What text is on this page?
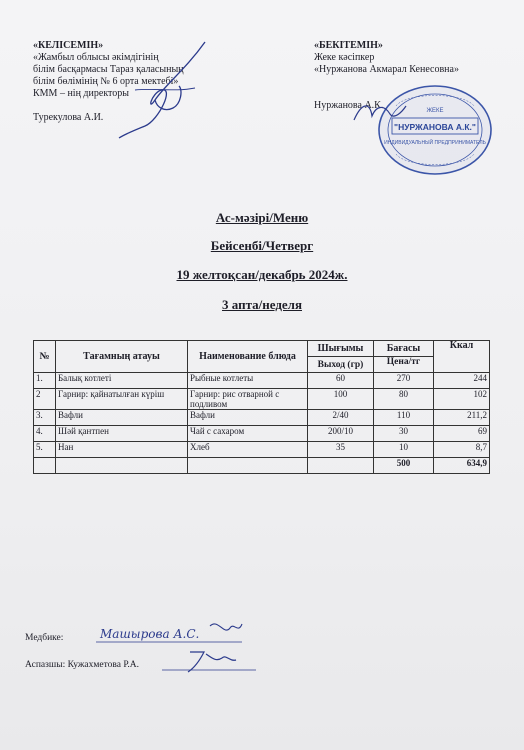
«КЕЛІСЕМІН»
«Жамбыл облысы әкімдігінің
білім басқармасы Тараз қаласының
білім бөлімінің № 6 орта мектебі»
КММ – нің директоры
Турекулова А.И.
«БЕКІТЕМІН»
Жеке кәсіпкер
«Нуржанова Акмарал Кенесовна»
Нуржанова А.К.	ЖЕКЕ
"НУРЖАНОВА А.К."
ИНДИВИДУАЛЬНЫЙ ПРЕДПРИНИМАТЕЛЬ
Ас-мәзірі/Меню
Бейсенбі/Четверг
19 желтоқсан/декабрь 2024ж.
3 апта/неделя
№	Тағамның атауы	Наименование блюда	Шығымы	Бағасы	Ккал
			Выход (гр)	Цена/тг	
1.	Балық котлеті	Рыбные котлеты	60	270	244
2	Гарнир: қайнатылған күріш	Гарнир: рис отварной с подливом	100	80	102
3.	Вафли	Вафли	2/40	110	211,2
4.	Шәй қантпен	Чай с сахаром	200/10	30	69
5.	Нан	Хлеб	35	10	8,7
				500	634,9
Медбике:	Машырова А.С.
Аспазшы: Кужахметова Р.А.
